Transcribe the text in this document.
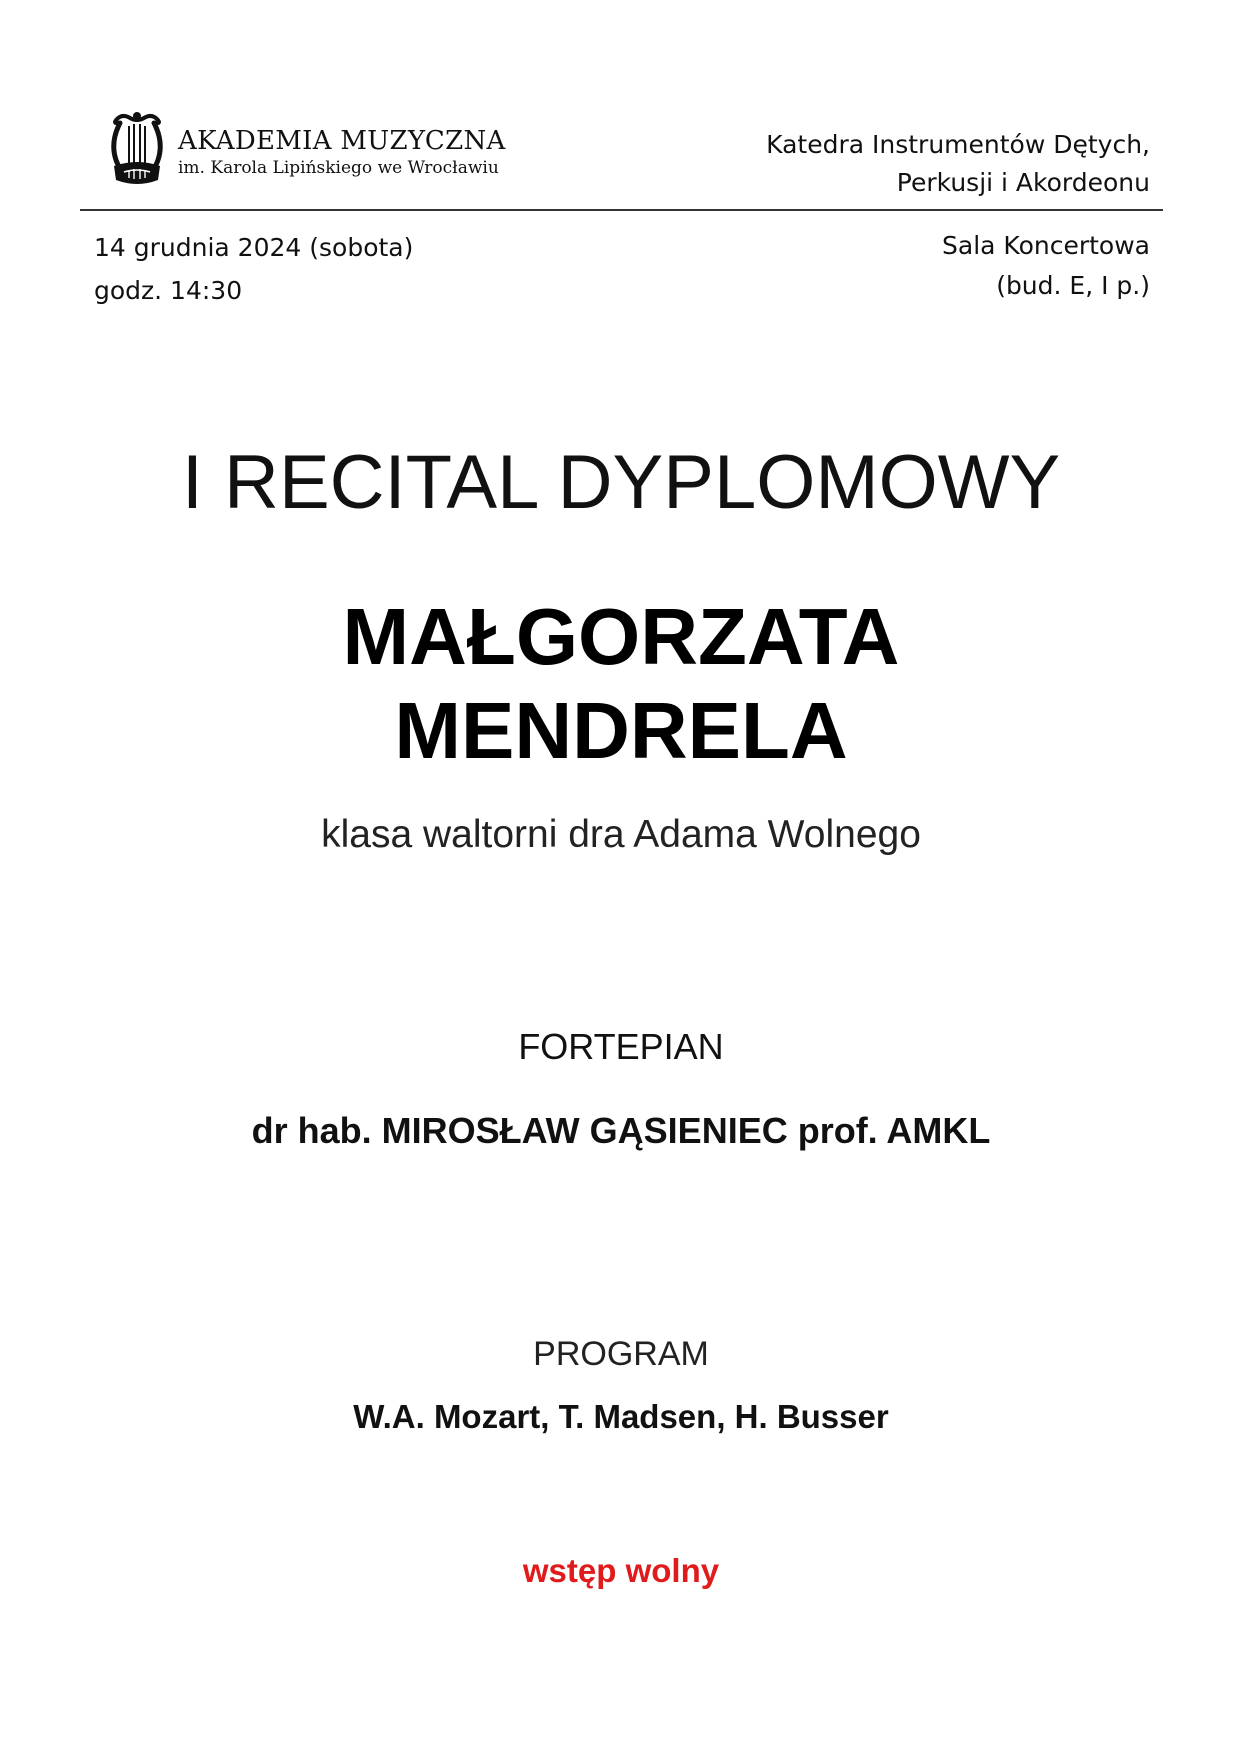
AKADEMIA MUZYCZNA
im. Karola Lipińskiego we Wrocławiu
Katedra Instrumentów Dętych,
Perkusji i Akordeonu
14 grudnia 2024 (sobota)
godz. 14:30
Sala Koncertowa
(bud. E, I p.)
I RECITAL DYPLOMOWY
MAŁGORZATA
MENDRELA
klasa waltorni dra Adama Wolnego
FORTEPIAN
dr hab. MIROSŁAW GĄSIENIEC prof. AMKL
PROGRAM
W.A. Mozart, T. Madsen, H. Busser
wstęp wolny
